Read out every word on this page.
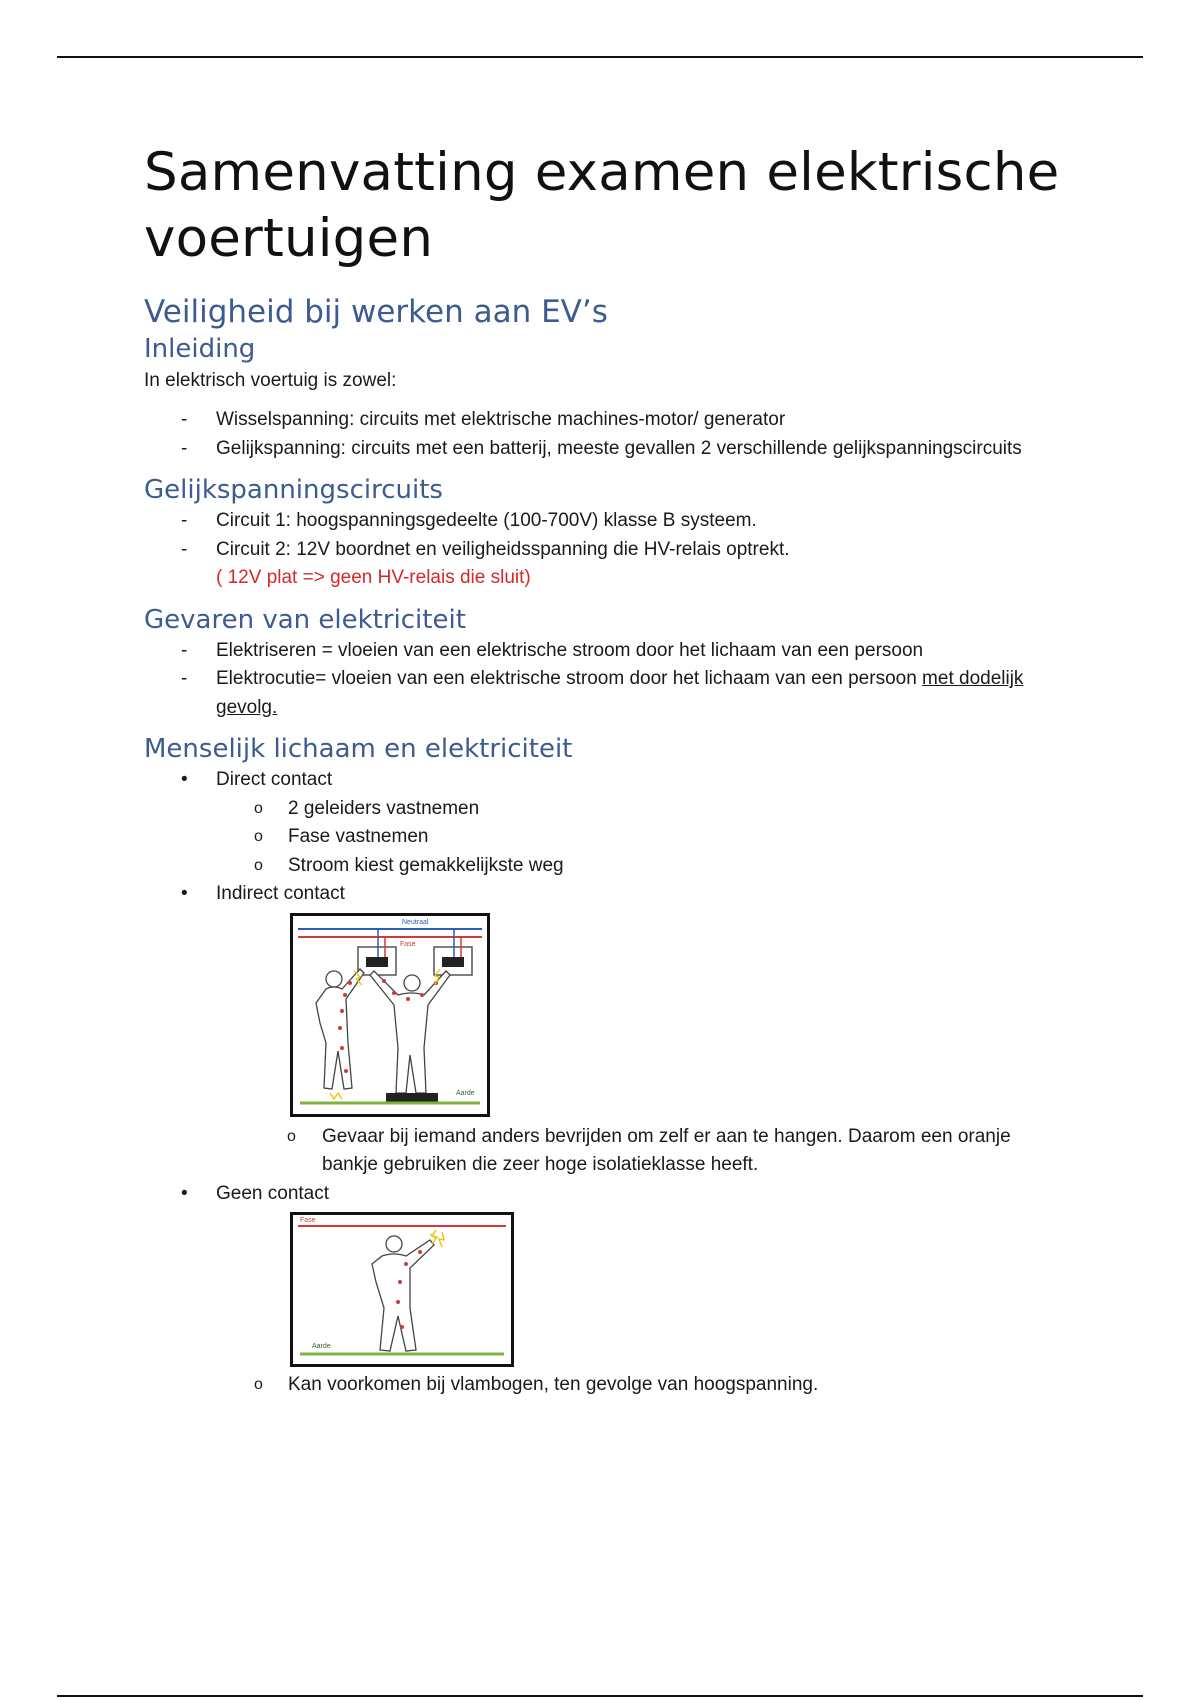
Samenvatting examen elektrische voertuigen
Veiligheid bij werken aan EV’s
Inleiding

In elektrisch voertuig is zowel:

-	Wisselspanning: circuits met elektrische machines-motor/ generator
-	Gelijkspanning: circuits met een batterij, meeste gevallen 2 verschillende gelijkspanningscircuits
Gelijkspanningscircuits
-	Circuit 1: hoogspanningsgedeelte (100-700V) klasse B systeem.
-	Circuit 2: 12V boordnet en veiligheidsspanning die HV-relais optrekt.
( 12V plat => geen HV-relais die sluit)
Gevaren van elektriciteit
-	Elektriseren = vloeien van een elektrische stroom door het lichaam van een persoon
-	Elektrocutie= vloeien van een elektrische stroom door het lichaam van een persoon met dodelijk gevolg.
Menselijk lichaam en elektriciteit
•	Direct contact
o	2 geleiders vastnemen
o	Fase vastnemen
o	Stroom kiest gemakkelijkste weg
•	Indirect contact
Neutraal
Fase
Aarde
o	Gevaar bij iemand anders bevrijden om zelf er aan te hangen. Daarom een oranje bankje gebruiken die zeer hoge isolatieklasse heeft.
•	Geen contact
Fase
Aarde
o	Kan voorkomen bij vlambogen, ten gevolge van hoogspanning.
